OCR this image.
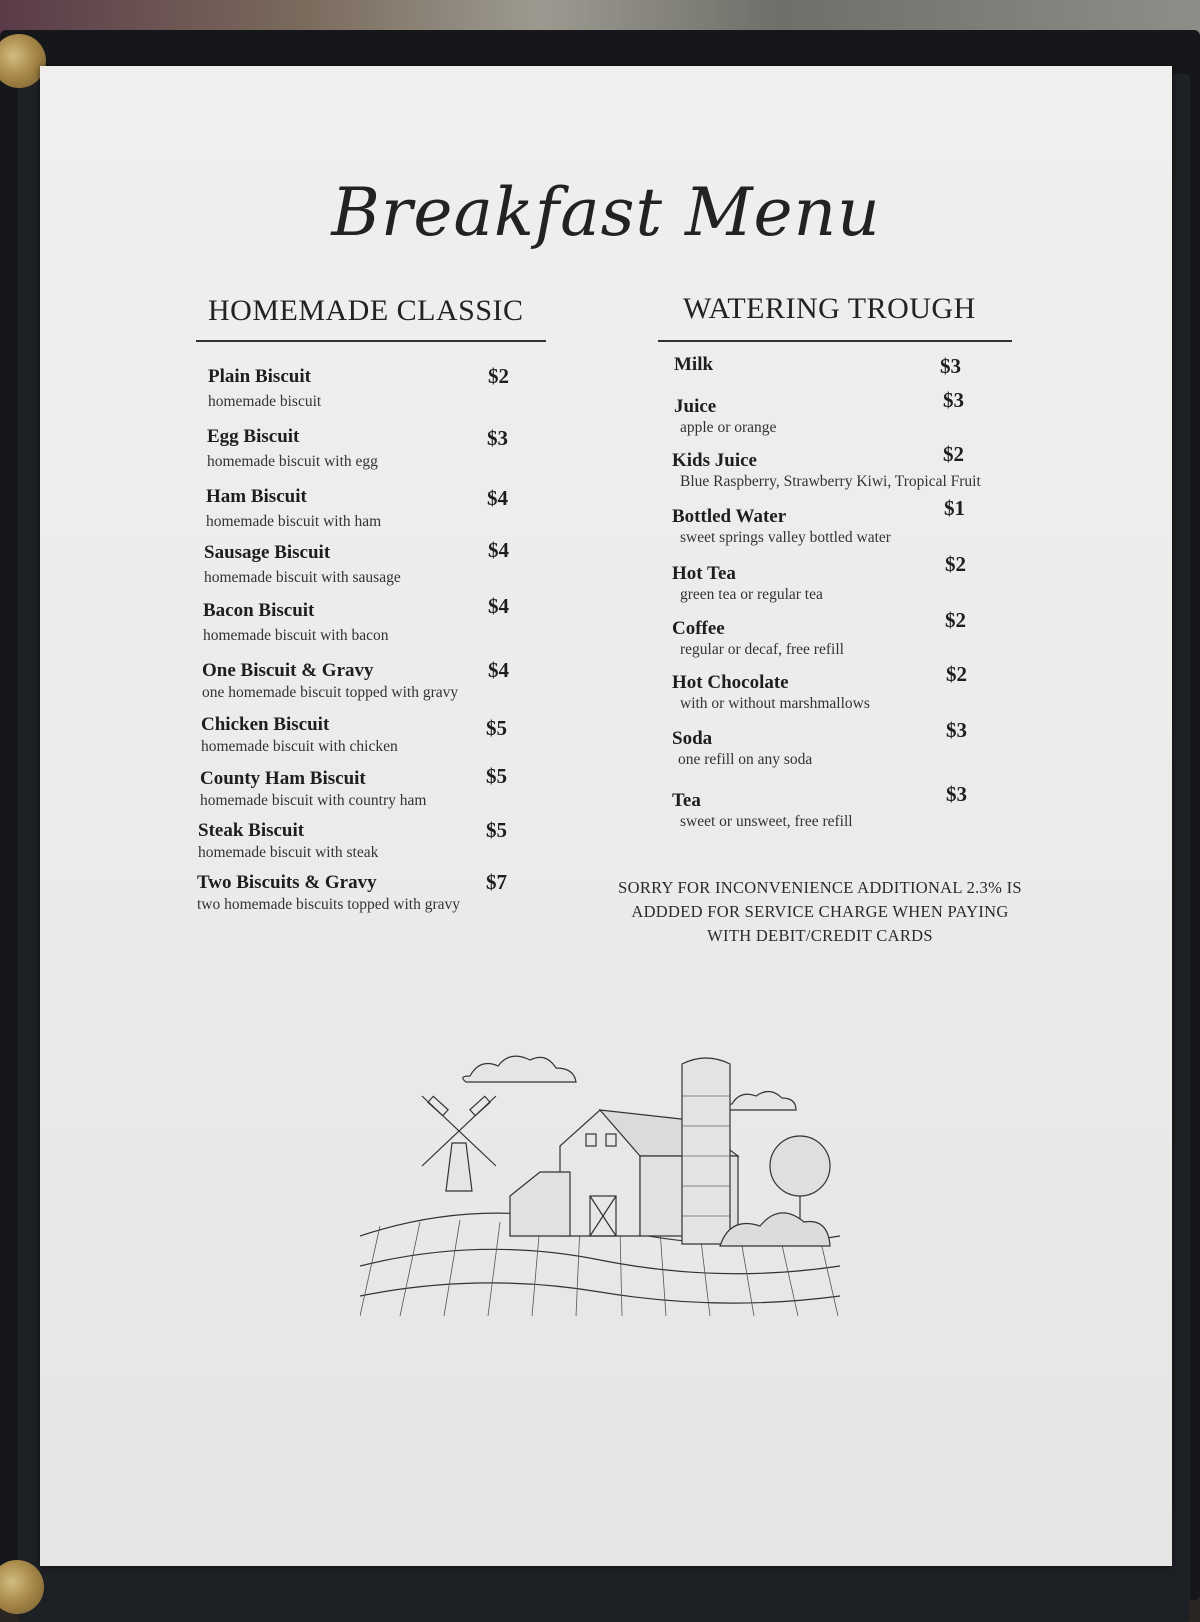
Breakfast Menu
HOMEMADE CLASSIC
Plain Biscuit
homemade biscuit
$2
Egg Biscuit
homemade biscuit with egg
$3
Ham Biscuit
homemade biscuit with ham
$4
Sausage Biscuit
homemade biscuit with sausage
$4
Bacon Biscuit
homemade biscuit with bacon
$4
One Biscuit & Gravy
one homemade biscuit topped with gravy
$4
Chicken Biscuit
homemade biscuit with chicken
$5
County Ham Biscuit
homemade biscuit with country ham
$5
Steak Biscuit
homemade biscuit with steak
$5
Two Biscuits & Gravy
two homemade biscuits topped with gravy
$7
WATERING TROUGH
Milk	$3
Juice
apple or orange
$3
Kids Juice
Blue Raspberry, Strawberry Kiwi, Tropical Fruit
$2
Bottled Water
sweet springs valley bottled water
$1
Hot Tea
green tea or regular tea
$2
Coffee
regular or decaf, free refill
$2
Hot Chocolate
with or without marshmallows
$2
Soda
one refill on any soda
$3
Tea
sweet or unsweet, free refill
$3
SORRY FOR INCONVENIENCE ADDITIONAL 2.3% IS
ADDDED FOR SERVICE CHARGE WHEN PAYING
WITH DEBIT/CREDIT CARDS
